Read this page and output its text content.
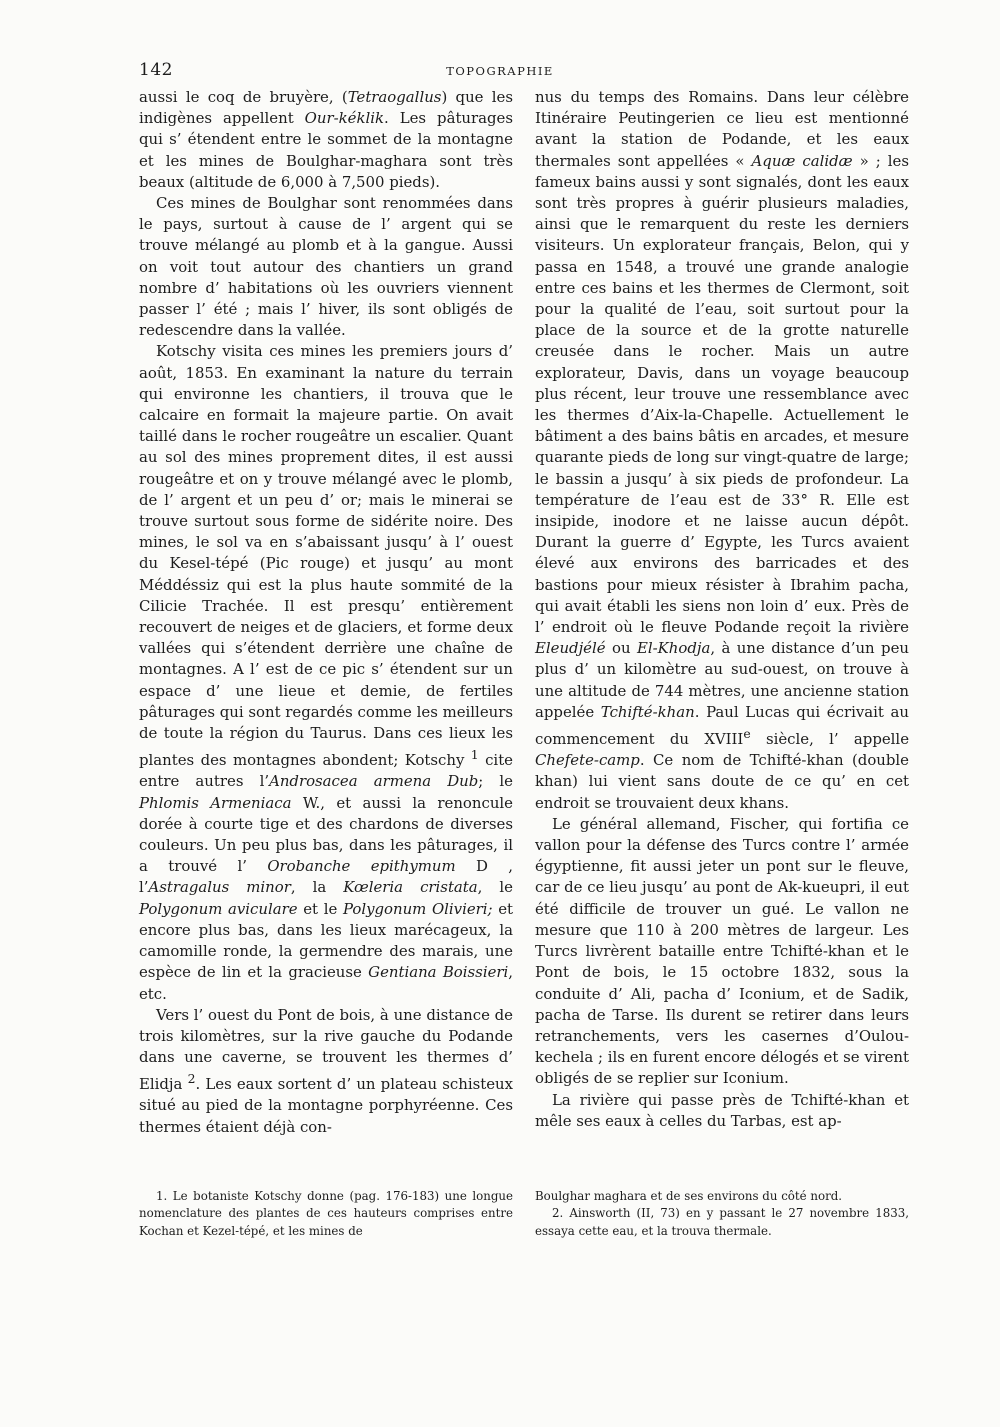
142	TOPOGRAPHIE

aussi le coq de bruyère, (Tetraogallus) que les indigènes appellent Our-kéklik. Les pâturages qui s’ étendent entre le sommet de la montagne et les mines de Boulghar-maghara sont très beaux (altitude de 6,000 à 7,500 pieds).

Ces mines de Boulghar sont renommées dans le pays, surtout à cause de l’ argent qui se trouve mélangé au plomb et à la gangue. Aussi on voit tout autour des chantiers un grand nombre d’ habitations où les ouvriers viennent passer l’ été ; mais l’ hiver, ils sont obligés de redescendre dans la vallée.

Kotschy visita ces mines les premiers jours d’ août, 1853. En examinant la nature du terrain qui environne les chantiers, il trouva que le calcaire en formait la majeure partie. On avait taillé dans le rocher rougeâtre un escalier. Quant au sol des mines proprement dites, il est aussi rougeâtre et on y trouve mélangé avec le plomb, de l’ argent et un peu d’ or; mais le minerai se trouve surtout sous forme de sidérite noire. Des mines, le sol va en s’abaissant jusqu’ à l’ ouest du Kesel-tépé (Pic rouge) et jusqu’ au mont Méddéssiz qui est la plus haute sommité de la Cilicie Trachée. Il est presqu’ entièrement recouvert de neiges et de glaciers, et forme deux vallées qui s’étendent derrière une chaîne de montagnes. A l’ est de ce pic s’ étendent sur un espace d’ une lieue et demie, de fertiles pâturages qui sont regardés comme les meilleurs de toute la région du Taurus. Dans ces lieux les plantes des montagnes abondent; Kotschy $^1$ cite entre autres l’Androsacea armena Dub; le Phlomis Armeniaca W., et aussi la renoncule dorée à courte tige et des chardons de diverses couleurs. Un peu plus bas, dans les pâturages, il a trouvé l’ Orobanche epithymum D , l’Astragalus minor, la Kœleria cristata, le Polygonum aviculare et le Polygonum Olivieri; et encore plus bas, dans les lieux marécageux, la camomille ronde, la germendre des marais, une espèce de lin et la gracieuse Gentiana Boissieri, etc.

Vers l’ ouest du Pont de bois, à une distance de trois kilomètres, sur la rive gauche du Podande dans une caverne, se trouvent les thermes d’ Elidja $^2$. Les eaux sortent d’ un plateau schisteux situé au pied de la montagne porphyréenne. Ces thermes étaient déjà con-

nus du temps des Romains. Dans leur célèbre Itinéraire Peutingerien ce lieu est mentionné avant la station de Podande, et les eaux thermales sont appellées « Aquæ calidæ » ; les fameux bains aussi y sont signalés, dont les eaux sont très propres à guérir plusieurs maladies, ainsi que le remarquent du reste les derniers visiteurs. Un explorateur français, Belon, qui y passa en 1548, a trouvé une grande analogie entre ces bains et les thermes de Clermont, soit pour la qualité de l’eau, soit surtout pour la place de la source et de la grotte naturelle creusée dans le rocher. Mais un autre explorateur, Davis, dans un voyage beaucoup plus récent, leur trouve une ressemblance avec les thermes d’Aix-la-Chapelle. Actuellement le bâtiment a des bains bâtis en arcades, et mesure quarante pieds de long sur vingt-quatre de large; le bassin a jusqu’ à six pieds de profondeur. La température de l’eau est de 33° R. Elle est insipide, inodore et ne laisse aucun dépôt. Durant la guerre d’ Egypte, les Turcs avaient élevé aux environs des barricades et des bastions pour mieux résister à Ibrahim pacha, qui avait établi les siens non loin d’ eux. Près de l’ endroit où le fleuve Podande reçoit la rivière Eleudjélé ou El-Khodja, à une distance d’un peu plus d’ un kilomètre au sud-ouest, on trouve à une altitude de 744 mètres, une ancienne station appelée Tchifté-khan. Paul Lucas qui écrivait au commencement du XVIIIe siècle, l’ appelle Chefete-camp. Ce nom de Tchifté-khan (double khan) lui vient sans doute de ce qu’ en cet endroit se trouvaient deux khans.

Le général allemand, Fischer, qui fortifia ce vallon pour la défense des Turcs contre l’ armée égyptienne, fit aussi jeter un pont sur le fleuve, car de ce lieu jusqu’ au pont de Ak-kueupri, il eut été difficile de trouver un gué. Le vallon ne mesure que 110 à 200 mètres de largeur. Les Turcs livrèrent bataille entre Tchifté-khan et le Pont de bois, le 15 octobre 1832, sous la conduite d’ Ali, pacha d’ Iconium, et de Sadik, pacha de Tarse. Ils durent se retirer dans leurs retranchements, vers les casernes d’Oulou-kechela ; ils en furent encore délogés et se virent obligés de se replier sur Iconium.

La rivière qui passe près de Tchifté-khan et mêle ses eaux à celles du Tarbas, est ap-

1. Le botaniste Kotschy donne (pag. 176-183) une longue nomenclature des plantes de ces hauteurs comprises entre Kochan et Kezel-tépé, et les mines de

Boulghar maghara et de ses environs du côté nord.

2. Ainsworth (II, 73) en y passant le 27 novembre 1833, essaya cette eau, et la trouva thermale.
